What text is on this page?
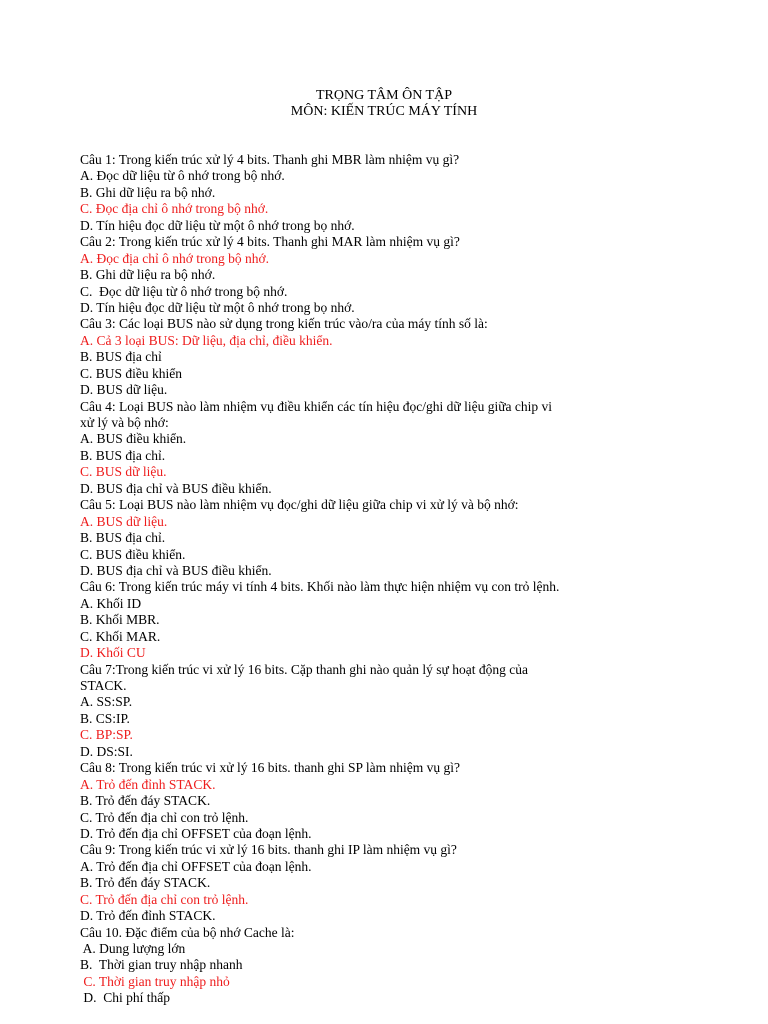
TRỌNG TÂM ÔN TẬP
MÔN: KIẾN TRÚC MÁY TÍNH
Câu 1: Trong kiến trúc xử lý 4 bits. Thanh ghi MBR làm nhiệm vụ gì?
A. Đọc dữ liệu từ ô nhớ trong bộ nhớ.
B. Ghi dữ liệu ra bộ nhớ.
C. Đọc địa chỉ ô nhớ trong bộ nhớ.
D. Tín hiệu đọc dữ liệu từ một ô nhớ trong bọ nhớ.
Câu 2: Trong kiến trúc xử lý 4 bits. Thanh ghi MAR làm nhiệm vụ gì?
A. Đọc địa chỉ ô nhớ trong bộ nhớ.
B. Ghi dữ liệu ra bộ nhớ.
C.  Đọc dữ liệu từ ô nhớ trong bộ nhớ.
D. Tín hiệu đọc dữ liệu từ một ô nhớ trong bọ nhớ.
Câu 3: Các loại BUS nào sử dụng trong kiến trúc vào/ra của máy tính số là:
A. Cả 3 loại BUS: Dữ liệu, địa chỉ, điều khiển.
B. BUS địa chỉ
C. BUS điều khiển
D. BUS dữ liệu.
Câu 4: Loại BUS nào làm nhiệm vụ điều khiển các tín hiệu đọc/ghi dữ liệu giữa chip vi
xử lý và bộ nhớ:
A. BUS điều khiển.
B. BUS địa chỉ.
C. BUS dữ liệu.
D. BUS địa chỉ và BUS điều khiển.
Câu 5: Loại BUS nào làm nhiệm vụ đọc/ghi dữ liệu giữa chip vi xử lý và bộ nhớ:
A. BUS dữ liệu.
B. BUS địa chỉ.
C. BUS điều khiển.
D. BUS địa chỉ và BUS điều khiển.
Câu 6: Trong kiến trúc máy vi tính 4 bits. Khối nào làm thực hiện nhiệm vụ con trỏ lệnh.
A. Khối ID
B. Khối MBR.
C. Khối MAR.
D. Khối CU
Câu 7:Trong kiến trúc vi xử lý 16 bits. Cặp thanh ghi nào quản lý sự hoạt động của
STACK.
A. SS:SP.
B. CS:IP.
C. BP:SP.
D. DS:SI.
Câu 8: Trong kiến trúc vi xử lý 16 bits. thanh ghi SP làm nhiệm vụ gì?
A. Trỏ đến đỉnh STACK.
B. Trỏ đến đáy STACK.
C. Trỏ đến địa chỉ con trỏ lệnh.
D. Trỏ đến địa chỉ OFFSET của đoạn lệnh.
Câu 9: Trong kiến trúc vi xử lý 16 bits. thanh ghi IP làm nhiệm vụ gì?
A. Trỏ đến địa chỉ OFFSET của đoạn lệnh.
B. Trỏ đến đáy STACK.
C. Trỏ đến địa chỉ con trỏ lệnh.
D. Trỏ đến đỉnh STACK.
Câu 10. Đặc điểm của bộ nhớ Cache là:
A. Dung lượng lớn
B.  Thời gian truy nhập nhanh
C. Thời gian truy nhập nhỏ
D.  Chi phí thấp
